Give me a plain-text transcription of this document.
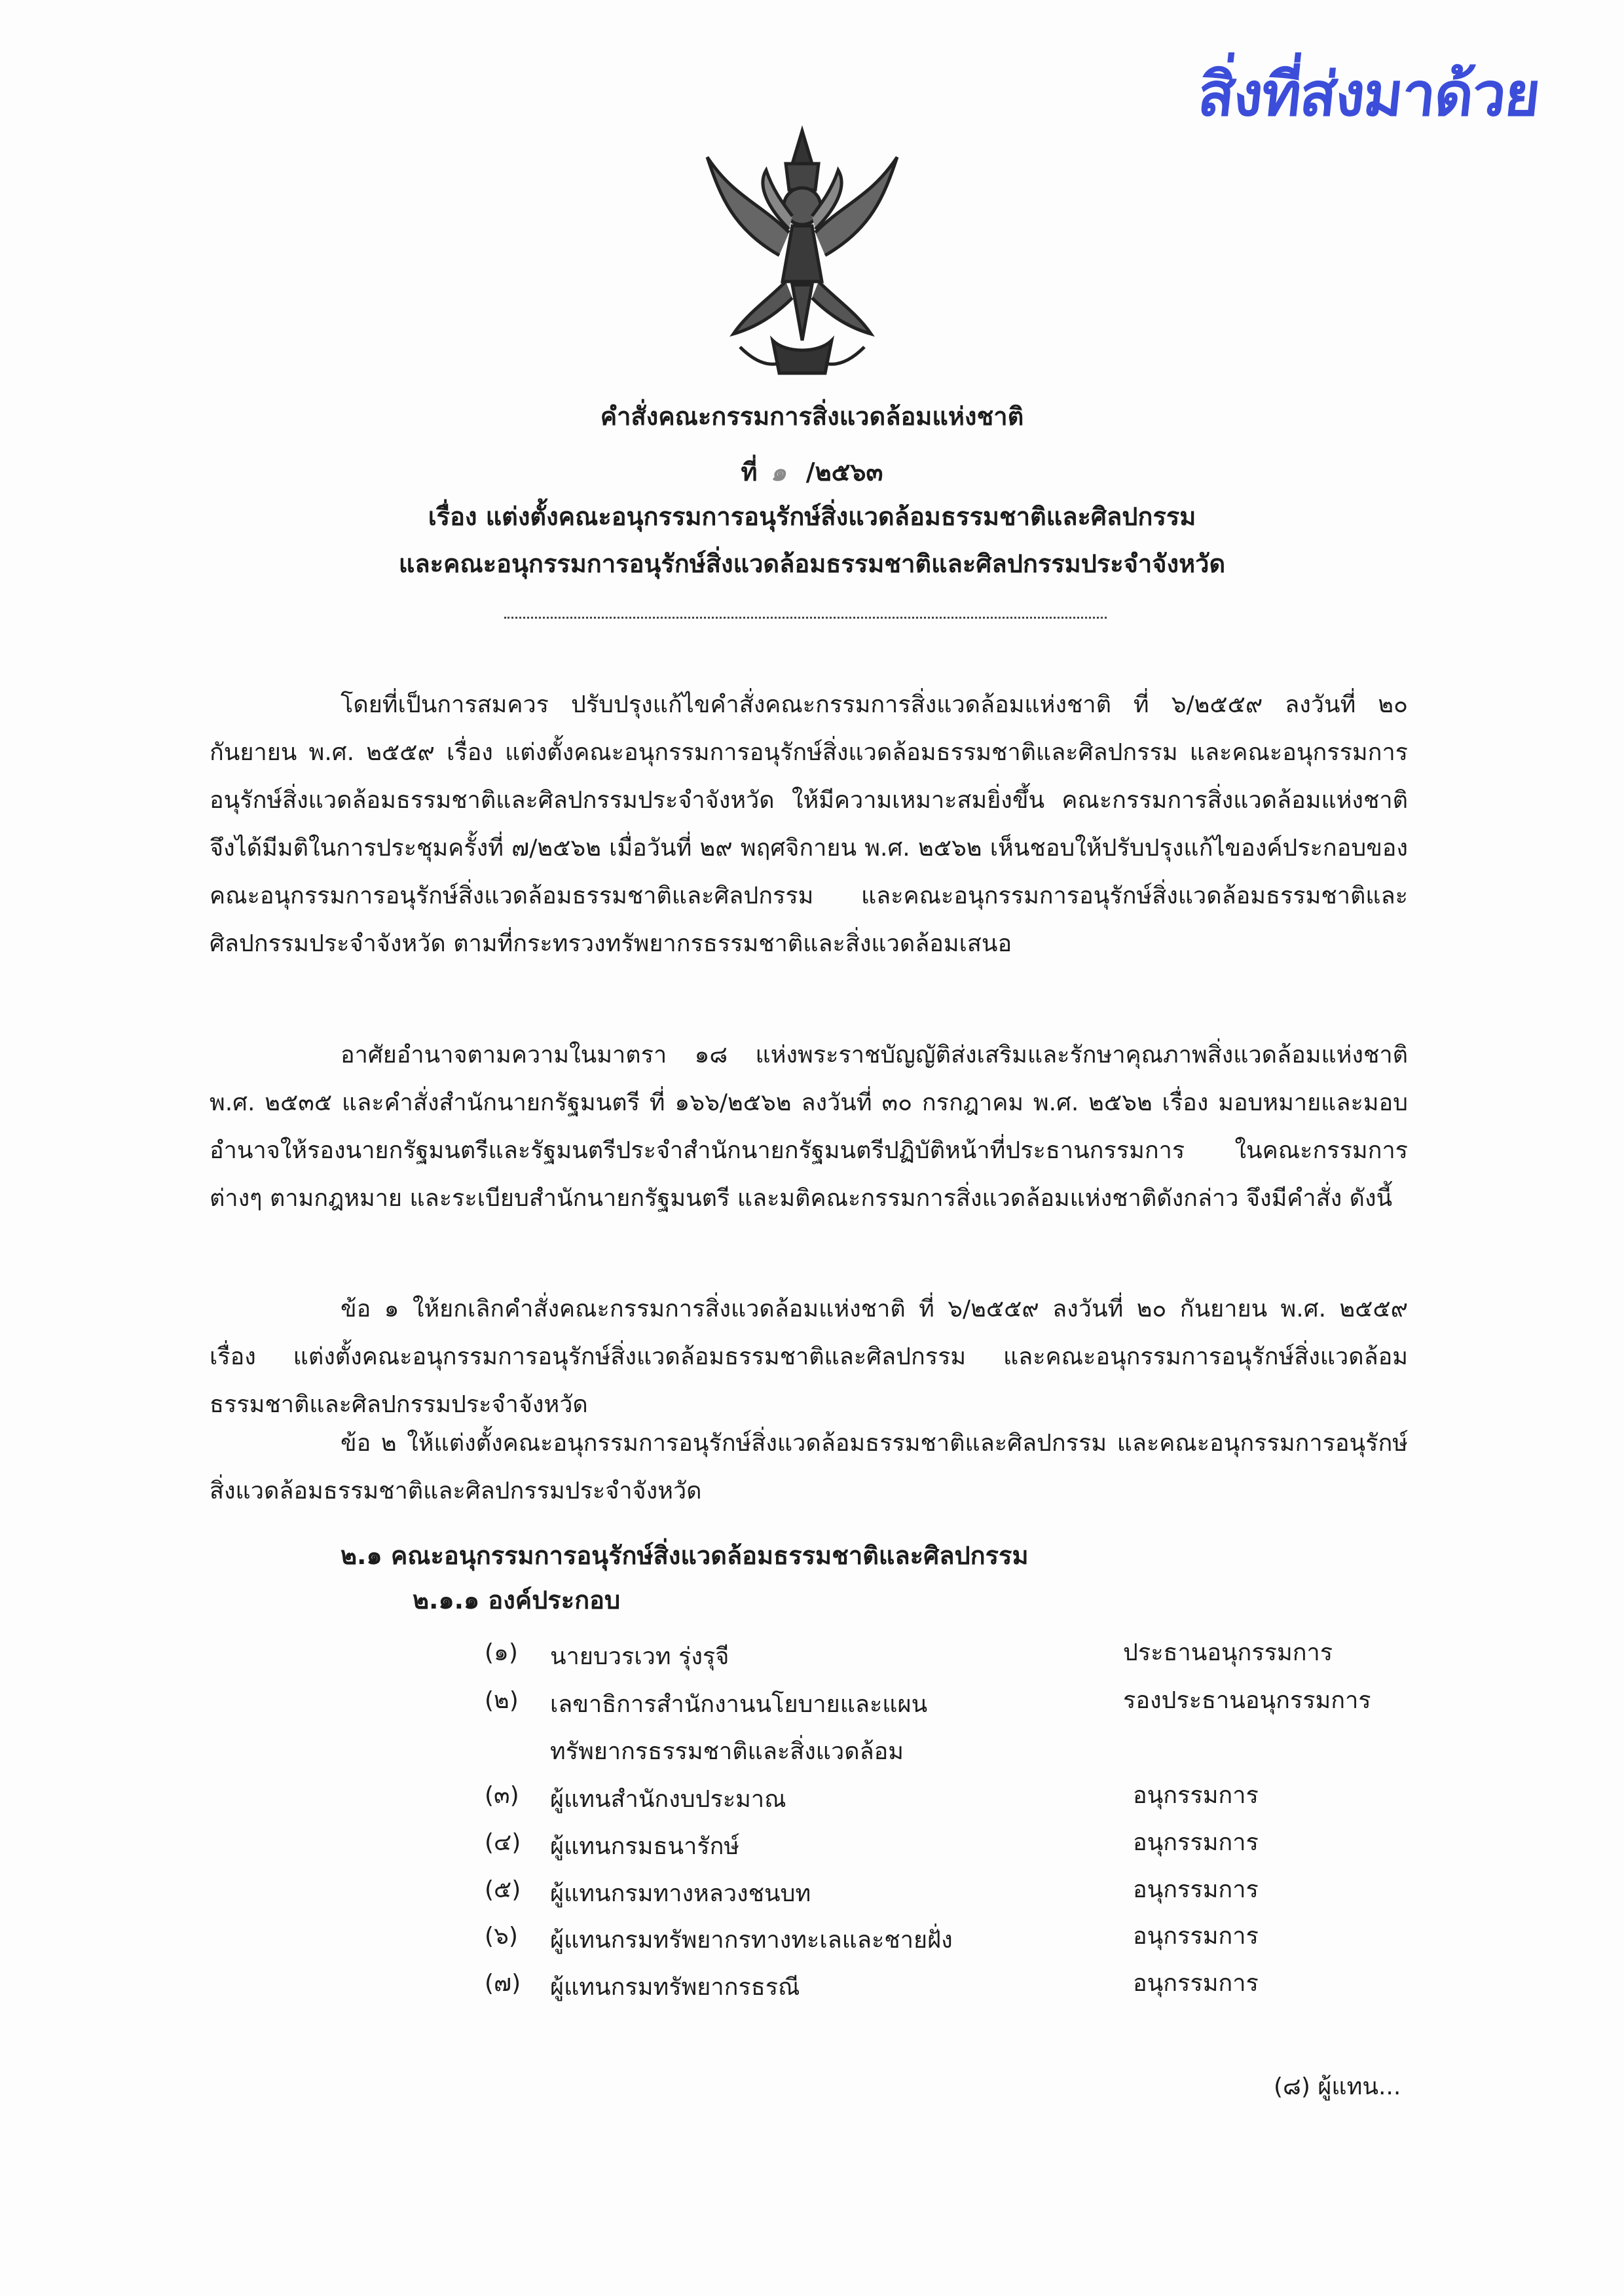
สิ่งที่ส่งมาด้วย
คำสั่งคณะกรรมการสิ่งแวดล้อมแห่งชาติ
ที่ ๑ /๒๕๖๓
เรื่อง แต่งตั้งคณะอนุกรรมการอนุรักษ์สิ่งแวดล้อมธรรมชาติและศิลปกรรม
และคณะอนุกรรมการอนุรักษ์สิ่งแวดล้อมธรรมชาติและศิลปกรรมประจำจังหวัด
โดยที่เป็นการสมควร ปรับปรุงแก้ไขคำสั่งคณะกรรมการสิ่งแวดล้อมแห่งชาติ ที่ ๖/๒๕๕๙ ลงวันที่ ๒๐ กันยายน พ.ศ. ๒๕๕๙ เรื่อง แต่งตั้งคณะอนุกรรมการอนุรักษ์สิ่งแวดล้อมธรรมชาติและศิลปกรรม และคณะอนุกรรมการอนุรักษ์สิ่งแวดล้อมธรรมชาติและศิลปกรรมประจำจังหวัด ให้มีความเหมาะสมยิ่งขึ้น คณะกรรมการสิ่งแวดล้อมแห่งชาติ จึงได้มีมติในการประชุมครั้งที่ ๗/๒๕๖๒ เมื่อวันที่ ๒๙ พฤศจิกายน พ.ศ. ๒๕๖๒ เห็นชอบให้ปรับปรุงแก้ไของค์ประกอบของคณะอนุกรรมการอนุรักษ์สิ่งแวดล้อมธรรมชาติและศิลปกรรม และคณะอนุกรรมการอนุรักษ์สิ่งแวดล้อมธรรมชาติและศิลปกรรมประจำจังหวัด ตามที่กระทรวงทรัพยากรธรรมชาติและสิ่งแวดล้อมเสนอ
อาศัยอำนาจตามความในมาตรา ๑๘ แห่งพระราชบัญญัติส่งเสริมและรักษาคุณภาพสิ่งแวดล้อมแห่งชาติ พ.ศ. ๒๕๓๕ และคำสั่งสำนักนายกรัฐมนตรี ที่ ๑๖๖/๒๕๖๒ ลงวันที่ ๓๐ กรกฎาคม พ.ศ. ๒๕๖๒ เรื่อง มอบหมายและมอบอำนาจให้รองนายกรัฐมนตรีและรัฐมนตรีประจำสำนักนายกรัฐมนตรีปฏิบัติหน้าที่ประธานกรรมการ ในคณะกรรมการต่างๆ ตามกฎหมาย และระเบียบสำนักนายกรัฐมนตรี และมติคณะกรรมการสิ่งแวดล้อมแห่งชาติดังกล่าว จึงมีคำสั่ง ดังนี้
ข้อ ๑ ให้ยกเลิกคำสั่งคณะกรรมการสิ่งแวดล้อมแห่งชาติ ที่ ๖/๒๕๕๙ ลงวันที่ ๒๐ กันยายน พ.ศ. ๒๕๕๙ เรื่อง แต่งตั้งคณะอนุกรรมการอนุรักษ์สิ่งแวดล้อมธรรมชาติและศิลปกรรม และคณะอนุกรรมการอนุรักษ์สิ่งแวดล้อมธรรมชาติและศิลปกรรมประจำจังหวัด
ข้อ ๒ ให้แต่งตั้งคณะอนุกรรมการอนุรักษ์สิ่งแวดล้อมธรรมชาติและศิลปกรรม และคณะอนุกรรมการอนุรักษ์สิ่งแวดล้อมธรรมชาติและศิลปกรรมประจำจังหวัด
๒.๑ คณะอนุกรรมการอนุรักษ์สิ่งแวดล้อมธรรมชาติและศิลปกรรม
๒.๑.๑ องค์ประกอบ
(๑)	นายบวรเวท รุ่งรุจี	ประธานอนุกรรมการ
(๒)	เลขาธิการสำนักงานนโยบายและแผนทรัพยากรธรรมชาติและสิ่งแวดล้อม
รองประธานอนุกรรมการ
(๓)	ผู้แทนสำนักงบประมาณ	อนุกรรมการ
(๔)	ผู้แทนกรมธนารักษ์	อนุกรรมการ
(๕)	ผู้แทนกรมทางหลวงชนบท	อนุกรรมการ
(๖)	ผู้แทนกรมทรัพยากรทางทะเลและชายฝั่ง	อนุกรรมการ
(๗)	ผู้แทนกรมทรัพยากรธรณี	อนุกรรมการ
(๘) ผู้แทน...
